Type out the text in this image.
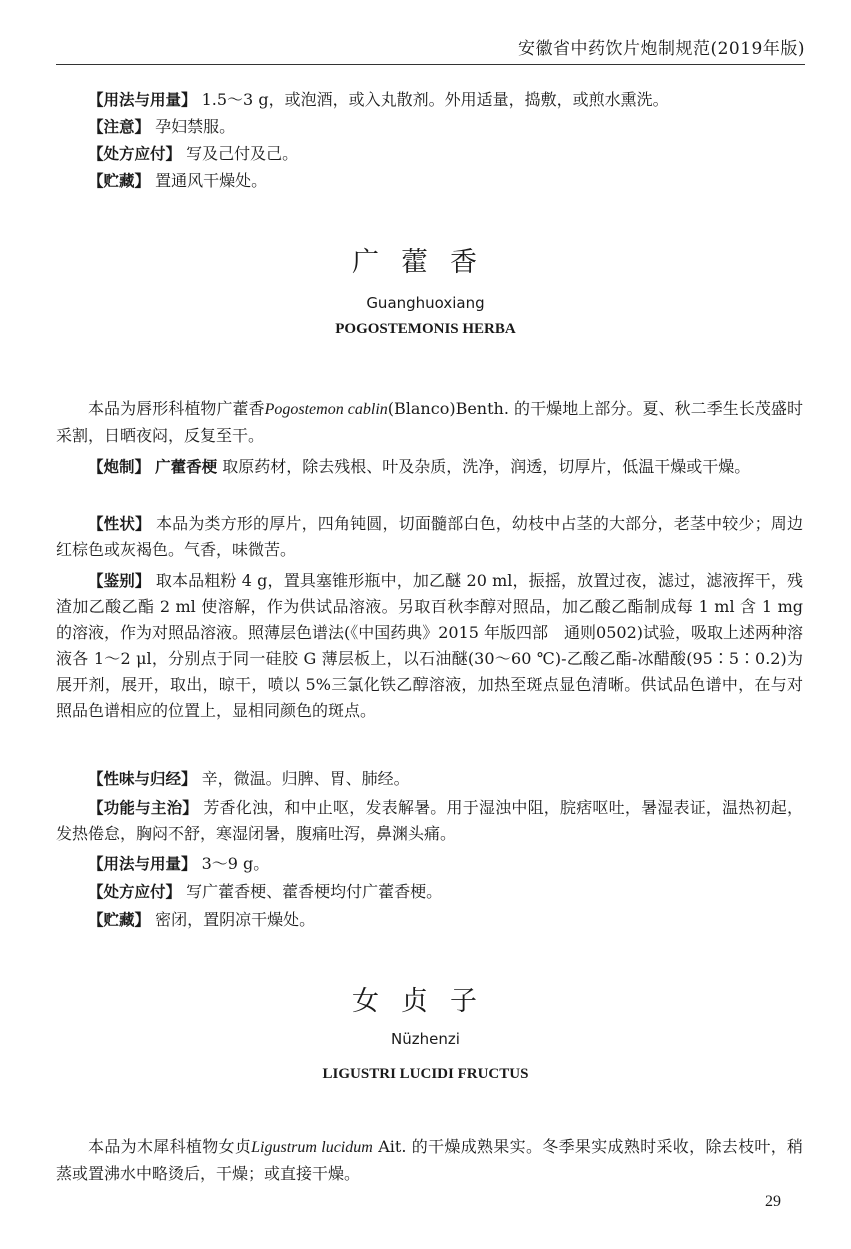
安徽省中药饮片炮制规范(2019年版)

【用法与用量】 1.5～3 g，或泡酒，或入丸散剂。外用适量，捣敷，或煎水熏洗。

【注意】 孕妇禁服。

【处方应付】 写及己付及己。

【贮藏】 置通风干燥处。

广藿香
Guanghuoxiang
POGOSTEMONIS HERBA

本品为唇形科植物广藿香Pogostemon cablin(Blanco)Benth. 的干燥地上部分。夏、秋二季生长茂盛时采割，日晒夜闷，反复至干。

【炮制】 广藿香梗 取原药材，除去残根、叶及杂质，洗净，润透，切厚片，低温干燥或干燥。

【性状】 本品为类方形的厚片，四角钝圆，切面髓部白色，幼枝中占茎的大部分，老茎中较少；周边红棕色或灰褐色。气香，味微苦。

【鉴别】 取本品粗粉 4 g，置具塞锥形瓶中，加乙醚 20 ml，振摇，放置过夜，滤过，滤液挥干，残渣加乙酸乙酯 2 ml 使溶解，作为供试品溶液。另取百秋李醇对照品，加乙酸乙酯制成每 1 ml 含 1 mg 的溶液，作为对照品溶液。照薄层色谱法(《中国药典》2015 年版四部　通则0502)试验，吸取上述两种溶液各 1～2 μl，分别点于同一硅胶 G 薄层板上，以石油醚(30～60 ℃)-乙酸乙酯-冰醋酸(95∶5∶0.2)为展开剂，展开，取出，晾干，喷以 5%三氯化铁乙醇溶液，加热至斑点显色清晰。供试品色谱中，在与对照品色谱相应的位置上，显相同颜色的斑点。

【性味与归经】 辛，微温。归脾、胃、肺经。

【功能与主治】 芳香化浊，和中止呕，发表解暑。用于湿浊中阻，脘痞呕吐，暑湿表证，温热初起，发热倦怠，胸闷不舒，寒湿闭暑，腹痛吐泻，鼻渊头痛。

【用法与用量】 3～9 g。

【处方应付】 写广藿香梗、藿香梗均付广藿香梗。

【贮藏】 密闭，置阴凉干燥处。

女贞子
Nüzhenzi
LIGUSTRI LUCIDI FRUCTUS

本品为木犀科植物女贞Ligustrum lucidum Ait. 的干燥成熟果实。冬季果实成熟时采收，除去枝叶，稍蒸或置沸水中略烫后，干燥；或直接干燥。

29
